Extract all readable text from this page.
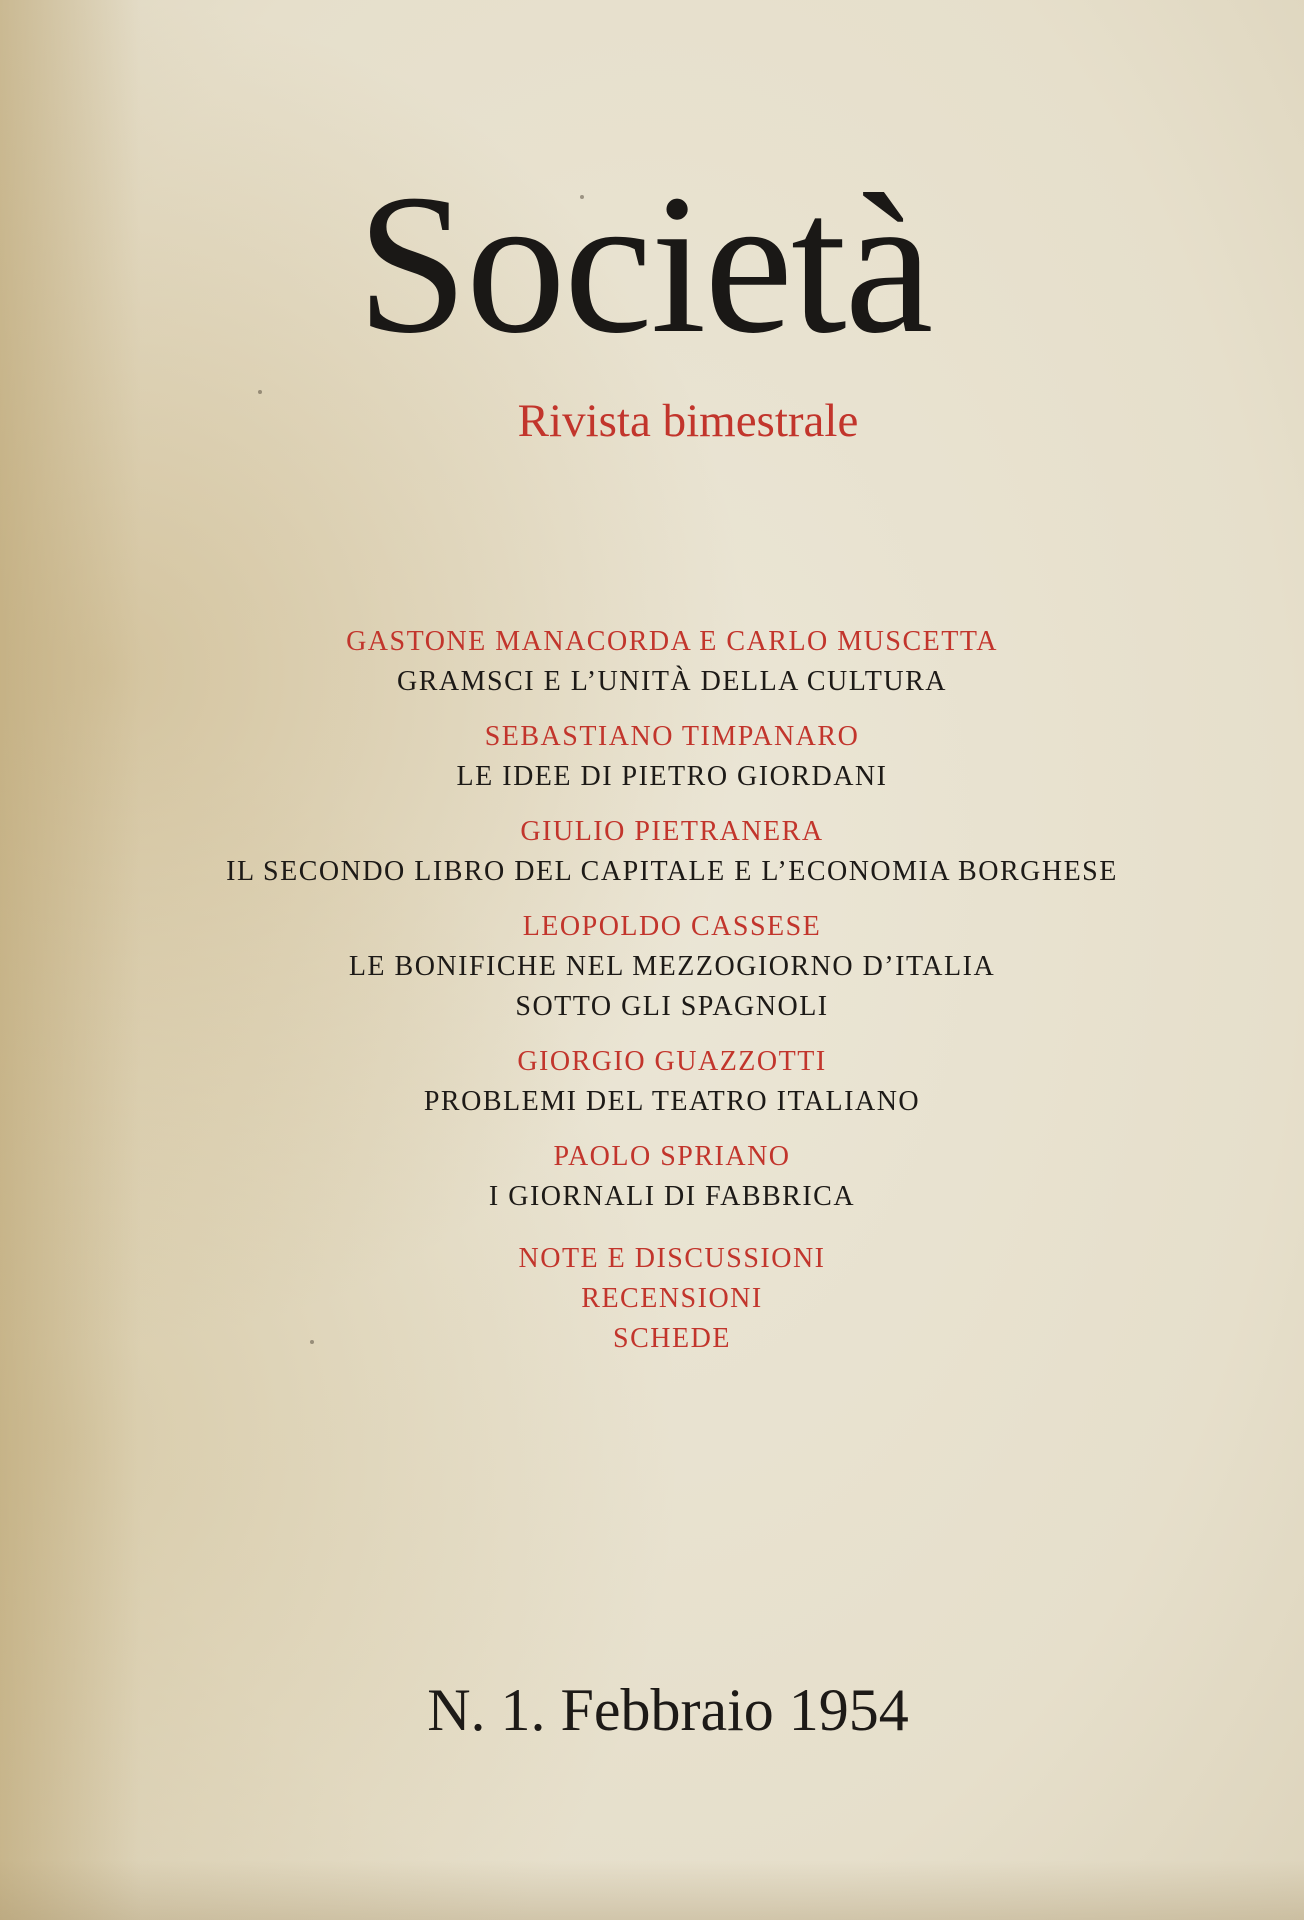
Società
Rivista bimestrale
GASTONE MANACORDA E CARLO MUSCETTA
GRAMSCI E L’UNITÀ DELLA CULTURA
SEBASTIANO TIMPANARO
LE IDEE DI PIETRO GIORDANI
GIULIO PIETRANERA
IL SECONDO LIBRO DEL CAPITALE E L’ECONOMIA BORGHESE
LEOPOLDO CASSESE
LE BONIFICHE NEL MEZZOGIORNO D’ITALIA
SOTTO GLI SPAGNOLI
GIORGIO GUAZZOTTI
PROBLEMI DEL TEATRO ITALIANO
PAOLO SPRIANO
I GIORNALI DI FABBRICA
NOTE E DISCUSSIONI
RECENSIONI
SCHEDE
N. 1. Febbraio 1954
